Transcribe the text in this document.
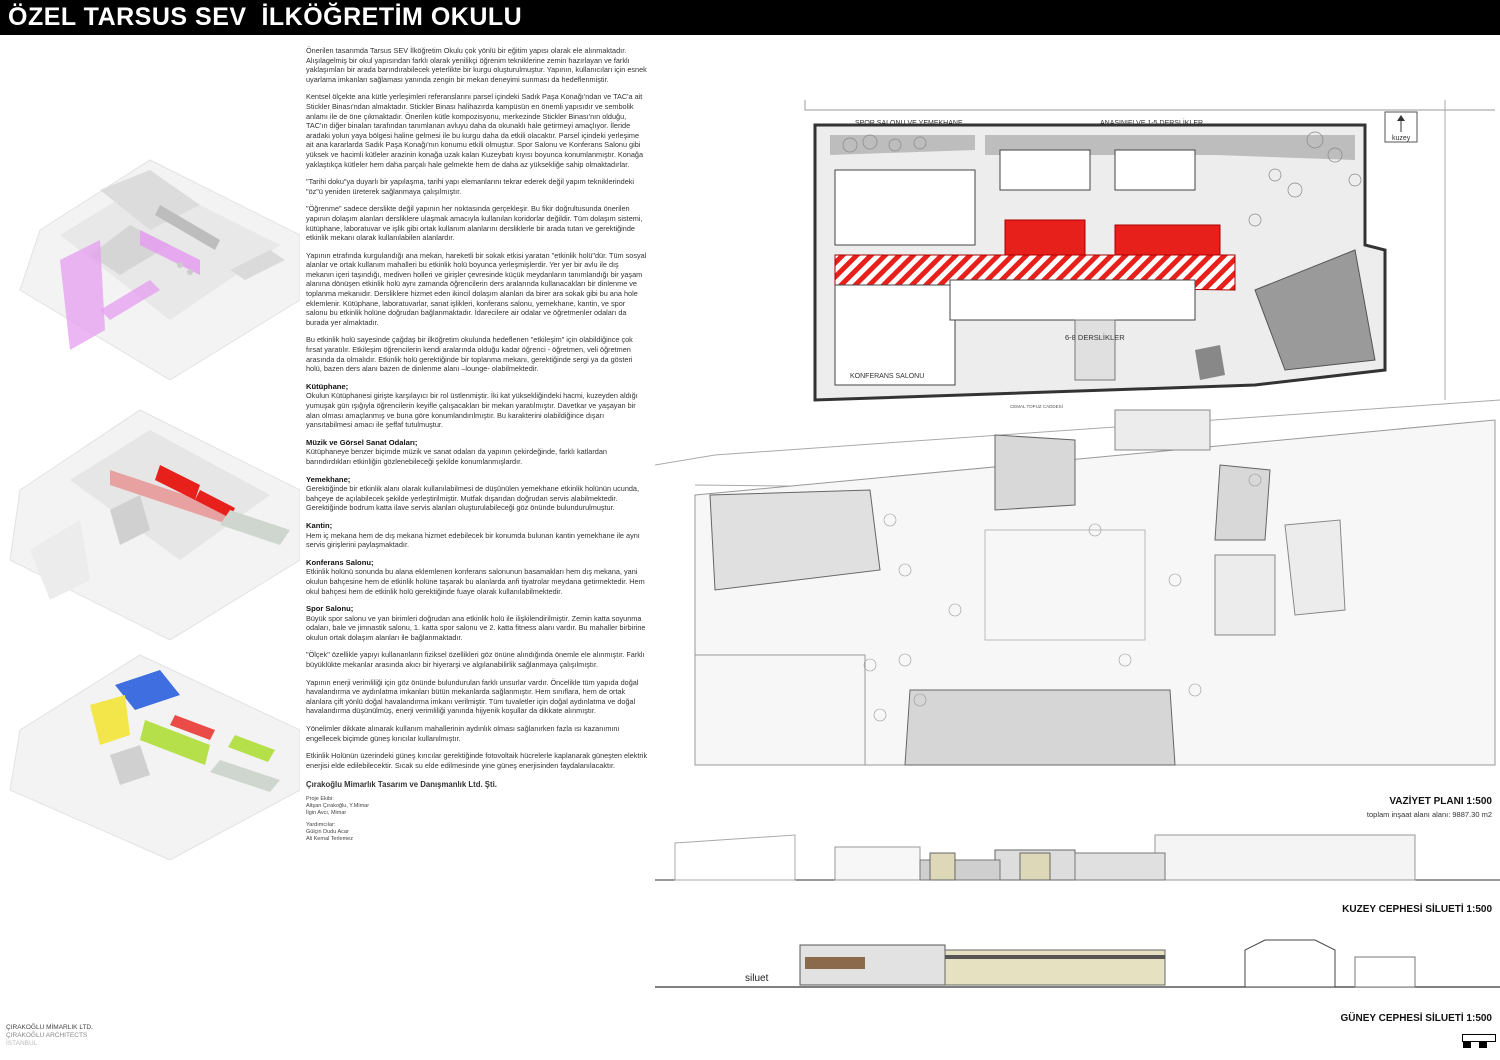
ÖZEL TARSUS SEV  İLKÖĞRETİM OKULU

Önerilen tasarımda Tarsus SEV İlköğretim Okulu çok yönlü bir eğitim yapısı olarak ele alınmaktadır. Alışılagelmiş bir okul yapısından farklı olarak yenilikçi öğrenim tekniklerine zemin hazırlayan ve farklı yaklaşımları bir arada barındırabilecek yeterlikte bir kurgu oluşturulmuştur. Yapının, kullanıcıları için esnek uyarlama imkanları sağlaması yanında zengin bir mekan deneyimi sunması da hedeflenmiştir.

Kentsel ölçekte ana kütle yerleşimleri referanslarını parsel içindeki Sadık Paşa Konağı'ndan ve TAC'a ait Stickler Binası'ndan almaktadır. Stickler Binası halihazırda kampüsün en önemli yapısıdır ve sembolik anlamı ile de öne çıkmaktadır. Önerilen kütle kompozisyonu, merkezinde Stickler Binası'nın olduğu, TAC'ın diğer binaları tarafından tanımlanan avluyu daha da okunaklı hale getirmeyi amaçlıyor. İleride aradaki yolun yaya bölgesi haline gelmesi ile bu kurgu daha da etkili olacaktır. Parsel içindeki yerleşime ait ana kararlarda Sadık Paşa Konağı'nın konumu etkili olmuştur. Spor Salonu ve Konferans Salonu gibi yüksek ve hacimli kütleler arazinin konağa uzak kalan Kuzeybatı kıyısı boyunca konumlanmıştır. Konağa yaklaştıkça kütleler hem daha parçalı hale gelmekte hem de daha az yüksekliğe sahip olmaktadırlar.

"Tarihi doku"ya duyarlı bir yapılaşma, tarihi yapı elemanlarını tekrar ederek değil yapım tekniklerindeki "öz"ü yeniden üreterek sağlanmaya çalışılmıştır.

"Öğrenme" sadece derslikte değil yapının her noktasında gerçekleşir. Bu fikir doğrultusunda önerilen yapının dolaşım alanları dersliklere ulaşmak amacıyla kullanılan koridorlar değildir. Tüm dolaşım sistemi, kütüphane, laboratuvar ve işlik gibi ortak kullanım alanlarını dersliklerle bir arada tutan ve gerektiğinde etkinlik mekanı olarak kullanılabilen alanlardır.

Yapının etrafında kurgulandığı ana mekan, hareketli bir sokak etkisi yaratan "etkinlik holü"dür. Tüm sosyal alanlar ve ortak kullanım mahalleri bu etkinlik holü boyunca yerleşmişlerdir. Yer yer bir avlu ile dış mekanın içeri taşındığı, mediven holleri ve girişler çevresinde küçük meydanların tanımlandığı bir yaşam alanına dönüşen etkinlik holü aynı zamanda öğrencilerin ders aralarında kullanacakları bir dinlenme ve toplanma mekanıdır. Dersliklere hizmet eden ikincil dolaşım alanları da birer ara sokak gibi bu ana hole eklemlenir. Kütüphane, laboratuvarlar, sanat işlikleri, konferans salonu, yemekhane, kantin, ve spor salonu bu etkinlik holüne doğrudan bağlanmaktadır. İdarecilere air odalar ve öğretmenler odaları da burada yer almaktadır.

Bu etkinlik holü sayesinde çağdaş bir ilköğretim okulunda hedeflenen "etkileşim" için olabildiğince çok fırsat yaratılır. Etkileşim öğrencilerin kendi aralarında olduğu kadar öğrenci - öğretmen, veli öğretmen arasında da olmalıdır. Etkinlik holü gerektiğinde bir toplanma mekanı, gerektiğinde sergi ya da gösteri holü, bazen ders alanı bazen de dinlenme alanı –lounge- olabilmektedir.

Kütüphane;

Okulun Kütüphanesi girişte karşılayıcı bir rol üstlenmiştir. İki kat yüksekliğindeki hacmi, kuzeyden aldığı yumuşak gün ışığıyla öğrencilerin keyifle çalışacakları bir mekan yaratılmıştır. Davetkar ve yaşayan bir alan olması amaçlanmış ve buna göre konumlandırılmıştır. Bu karakterini olabildiğince dışarı yansıtabilmesi amacı ile şeffaf tutulmuştur.

Müzik ve Görsel Sanat Odaları;

Kütüphaneye benzer biçimde müzik ve sanat odaları da yapının çekirdeğinde, farklı katlardan barındırdıkları etkinliğin gözlenebileceği şekilde konumlanmışlardır.

Yemekhane;

Gerektiğinde bir etkinlik alanı olarak kullanılabilmesi de düşünülen yemekhane etkinlik holünün ucunda, bahçeye de açılabilecek şekilde yerleştirilmiştir. Mutfak dışarıdan doğrudan servis alabilmektedir. Gerektiğinde bodrum katta ilave servis alanları oluşturulabileceği göz önünde bulundurulmuştur.

Kantin;

Hem iç mekana hem de dış mekana hizmet edebilecek bir konumda bulunan kantin yemekhane ile aynı servis girişlerini paylaşmaktadır.

Konferans Salonu;

Etkinlik holünü sonunda bu alana eklemlenen konferans salonunun basamakları hem dış mekana, yani okulun bahçesine hem de etkinlik holüne taşarak bu alanlarda anfi tiyatrolar meydana getirmektedir. Hem okul bahçesi hem de etkinlik holü gerektiğinde fuaye olarak kullanılabilmektedir.

Spor Salonu;

Büyük spor salonu ve yan birimleri doğrudan ana etkinlik holü ile ilişkilendirilmiştir. Zemin katta soyunma odaları, bale ve jimnastik salonu, 1. katta spor salonu ve 2. katta fitness alanı vardır. Bu mahaller birbirine okulun ortak dolaşım alanları ile bağlanmaktadır.

"Ölçek" özellikle yapıyı kullananların fiziksel özellikleri göz önüne alındığında önemle ele alınmıştır. Farklı büyüklükte mekanlar arasında akıcı bir hiyerarşi ve algılanabilirlik sağlanmaya çalışılmıştır.

Yapının enerji verimliliği için göz önünde bulundurulan farklı unsurlar vardır. Öncelikle tüm yapıda doğal havalandırma ve aydınlatma imkanları bütün mekanlarda sağlanmıştır. Hem sınıflara, hem de ortak alanlara çift yönlü doğal havalandırma imkanı verilmiştir. Tüm tuvaletler için doğal aydınlatma ve doğal havalandırma düşünülmüş, enerji verimliliği yanında hijyenik koşullar da dikkate alınmıştır.

Yönelimler dikkate alınarak kullanım mahallerinin aydınlık olması sağlanırken fazla ısı kazanımını engellecek biçimde güneş kırıcılar kullanılmıştır.

Etkinlik Holünün üzerindeki güneş kırıcılar gerektiğinde fotovoltaik hücrelerle kaplanarak güneşten elektrik enerjisi elde edilebilecektir. Sıcak su elde edilmesinde yine güneş enerjisinden faydalanılacaktır.

Çırakoğlu Mimarlık Tasarım ve Danışmanlık Ltd. Şti.
Proje Ekibi:
Altşan Çırakoğlu, Y.Mimar
İlgin Avcı, Mimar
Yardımcılar:
Gülçin Dudu Acar
Ali Kemal Terlemez
ÇIRAKOĞLU MİMARLIK LTD.
ÇIRAKOĞLU ARCHITECTS
İSTANBUL
SPOR SALONU VE YEMEKHANE	ANASINIFI VE 1-5 DERSLİKLER
6-8 DERSLİKLER
KONFERANS SALONU
CEMAL TOPUZ CADDESİ
kuzey
VAZİYET PLANI 1:500
toplam inşaat alanı alanı: 9887.30 m2
KUZEY CEPHESİ SİLUETİ 1:500
siluet
GÜNEY CEPHESİ SİLUETİ 1:500
